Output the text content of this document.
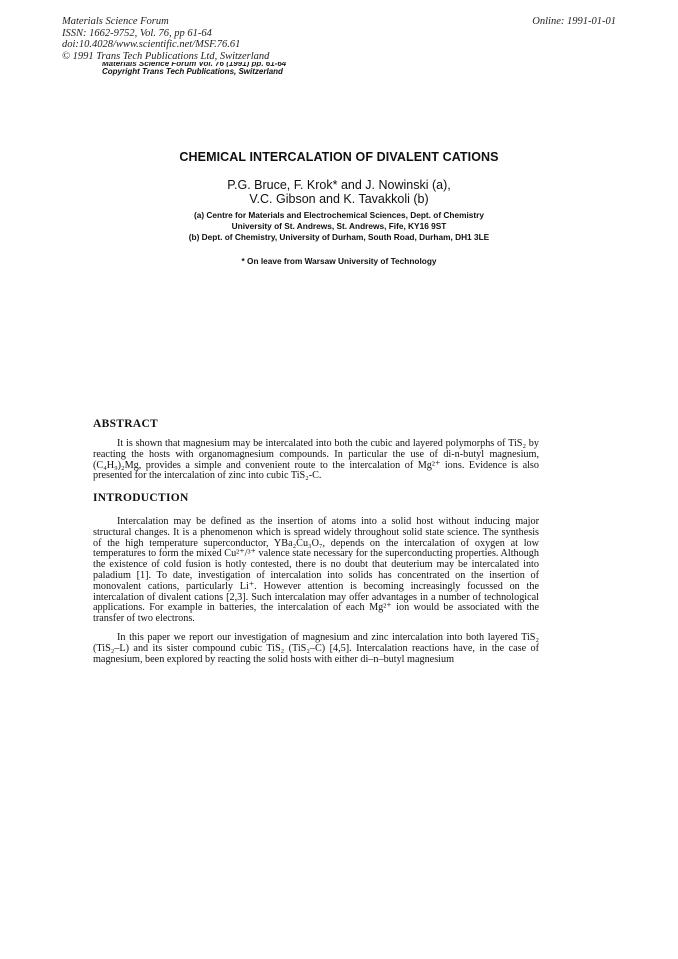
Materials Science Forum
ISSN: 1662-9752, Vol. 76, pp 61-64
doi:10.4028/www.scientific.net/MSF.76.61
© 1991 Trans Tech Publications Ltd, Switzerland
Online: 1991-01-01
Materials Science Forum Vol. 76 (1991) pp. 61-64
Copyright Trans Tech Publications, Switzerland
CHEMICAL INTERCALATION OF DIVALENT CATIONS
P.G. Bruce, F. Krok* and J. Nowinski (a),
V.C. Gibson and K. Tavakkoli (b)
(a) Centre for Materials and Electrochemical Sciences, Dept. of Chemistry
University of St. Andrews, St. Andrews, Fife, KY16 9ST
(b) Dept. of Chemistry, University of Durham, South Road, Durham, DH1 3LE
* On leave from Warsaw University of Technology
ABSTRACT

It is shown that magnesium may be intercalated into both the cubic and layered polymorphs of TiS₂ by reacting the hosts with organomagnesium compounds. In particular the use of di-n-butyl magnesium, (C₄H₉)₂Mg, provides a simple and convenient route to the intercalation of Mg²⁺ ions. Evidence is also presented for the intercalation of zinc into cubic TiS₂-C.

INTRODUCTION

Intercalation may be defined as the insertion of atoms into a solid host without inducing major structural changes. It is a phenomenon which is spread widely throughout solid state science. The synthesis of the high temperature superconductor, YBa₂Cu₃O₇, depends on the intercalation of oxygen at low temperatures to form the mixed Cu²⁺/³⁺ valence state necessary for the superconducting properties. Although the existence of cold fusion is hotly contested, there is no doubt that deuterium may be intercalated into paladium [1]. To date, investigation of intercalation into solids has concentrated on the insertion of monovalent cations, particularly Li⁺. However attention is becoming increasingly focussed on the intercalation of divalent cations [2,3]. Such intercalation may offer advantages in a number of technological applications. For example in batteries, the intercalation of each Mg²⁺ ion would be associated with the transfer of two electrons.

In this paper we report our investigation of magnesium and zinc intercalation into both layered TiS₂ (TiS₂–L) and its sister compound cubic TiS₂ (TiS₂–C) [4,5]. Intercalation reactions have, in the case of magnesium, been explored by reacting the solid hosts with either di–n–butyl magnesium
